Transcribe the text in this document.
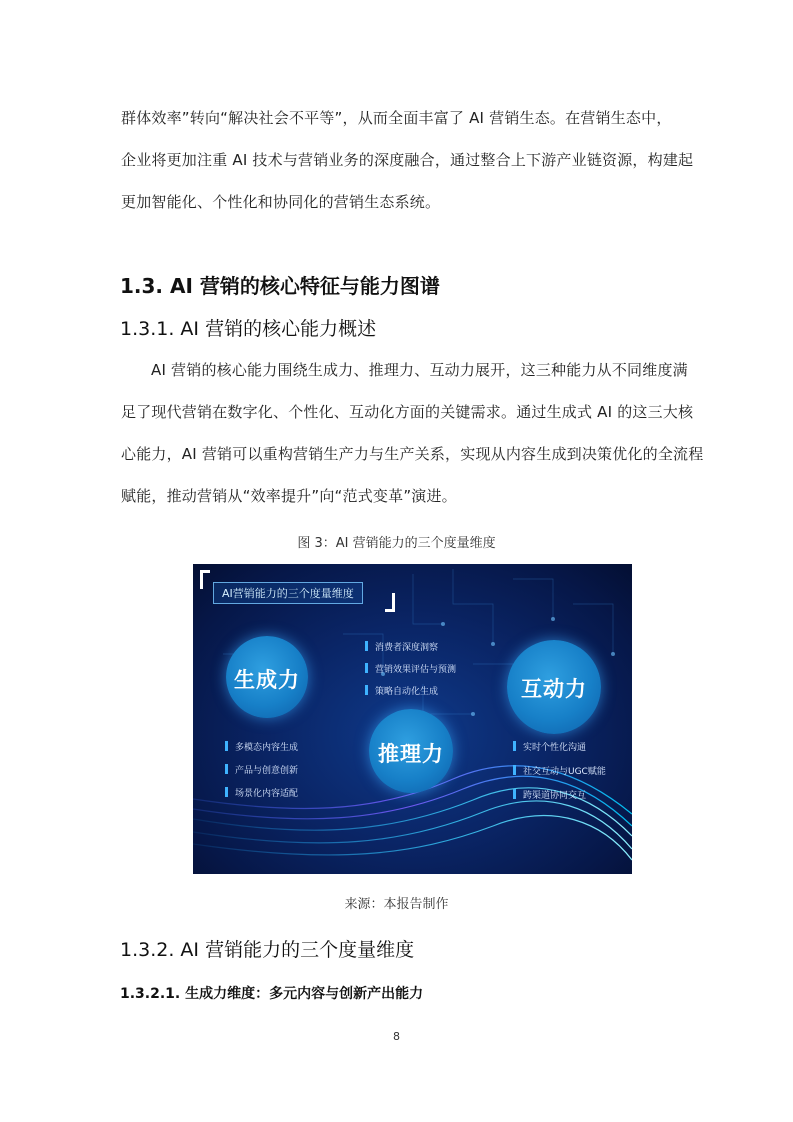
群体效率”转向“解决社会不平等”，从而全面丰富了 AI 营销生态。在营销生态中，
企业将更加注重 AI 技术与营销业务的深度融合，通过整合上下游产业链资源，构建起
更加智能化、个性化和协同化的营销生态系统。
1.3. AI 营销的核心特征与能力图谱
1.3.1. AI 营销的核心能力概述
AI 营销的核心能力围绕生成力、推理力、互动力展开，这三种能力从不同维度满
足了现代营销在数字化、个性化、互动化方面的关键需求。通过生成式 AI 的这三大核
心能力，AI 营销可以重构营销生产力与生产关系，实现从内容生成到决策优化的全流程
赋能，推动营销从“效率提升”向“范式变革”演进。
图 3：AI 营销能力的三个度量维度
AI营销能力的三个度量维度
生成力
推理力
互动力
消费者深度洞察
营销效果评估与预测
策略自动化生成
多模态内容生成
产品与创意创新
场景化内容适配
实时个性化沟通
社交互动与UGC赋能
跨渠道协同交互
来源：本报告制作
1.3.2. AI 营销能力的三个度量维度
1.3.2.1. 生成力维度：多元内容与创新产出能力
8
